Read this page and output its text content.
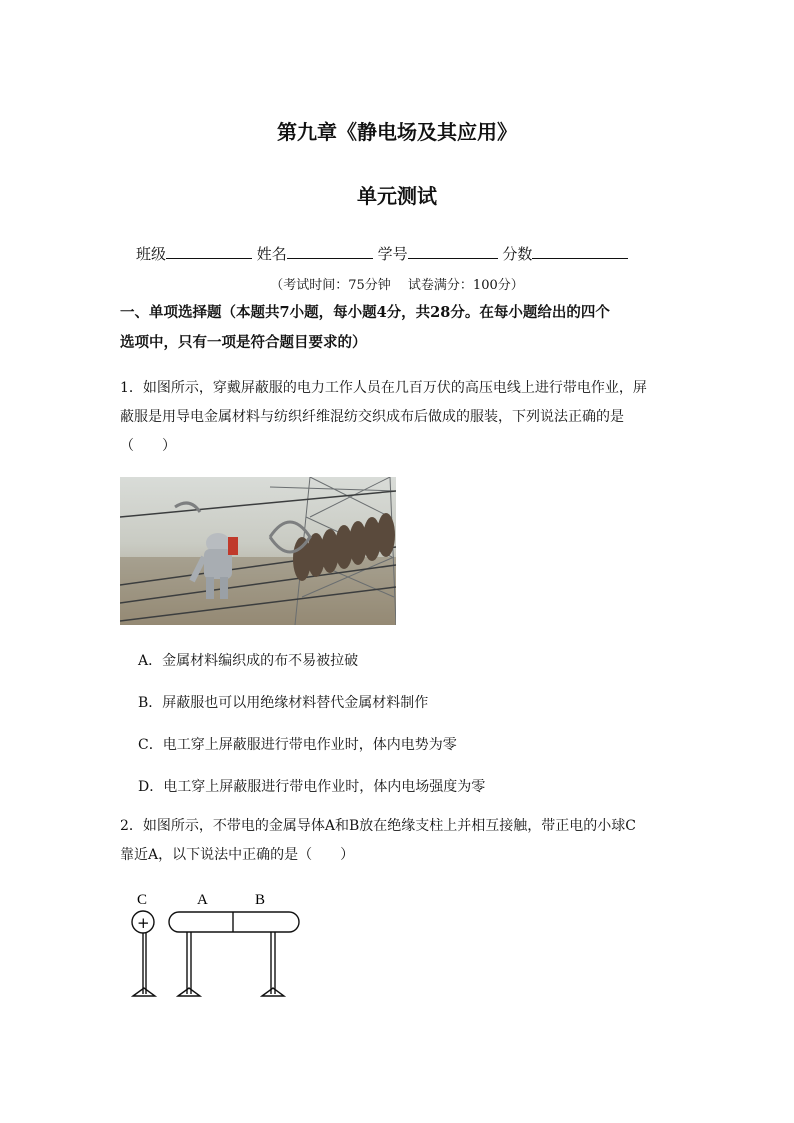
第九章《静电场及其应用》
单元测试
班级	姓名	学号	分数
（考试时间：75分钟　 试卷满分：100分）
一、单项选择题（本题共7小题，每小题4分，共28分。在每小题给出的四个
选项中，只有一项是符合题目要求的）
1．如图所示，穿戴屏蔽服的电力工作人员在几百万伏的高压电线上进行带电作业，屏
蔽服是用导电金属材料与纺织纤维混纺交织成布后做成的服装，下列说法正确的是
（　　）
A．金属材料编织成的布不易被拉破
B．屏蔽服也可以用绝缘材料替代金属材料制作
C．电工穿上屏蔽服进行带电作业时，体内电势为零
D．电工穿上屏蔽服进行带电作业时，体内电场强度为零
2．如图所示，不带电的金属导体A和B放在绝缘支柱上并相互接触，带正电的小球C
靠近A，以下说法中正确的是（　　）
C	A	B
+
